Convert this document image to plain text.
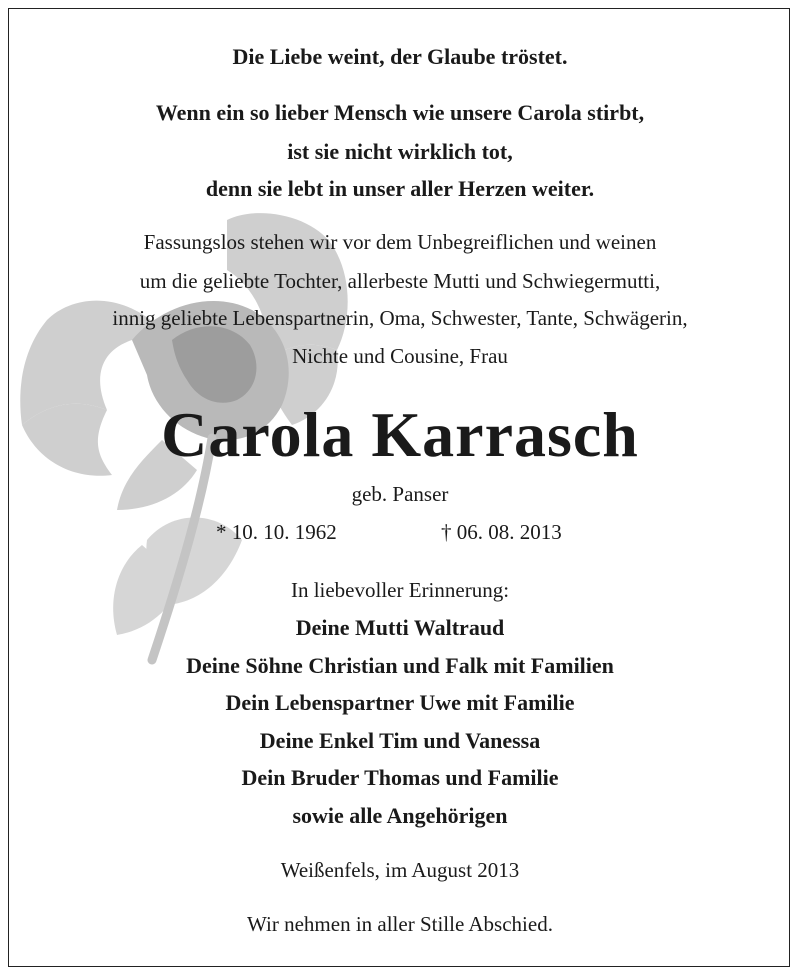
Die Liebe weint, der Glaube tröstet.
Wenn ein so lieber Mensch wie unsere Carola stirbt,
ist sie nicht wirklich tot,
denn sie lebt in unser aller Herzen weiter.
Fassungslos stehen wir vor dem Unbegreiflichen und weinen
um die geliebte Tochter, allerbeste Mutti und Schwiegermutti,
innig geliebte Lebenspartnerin, Oma, Schwester, Tante, Schwägerin,
Nichte und Cousine, Frau
Carola Karrasch
geb. Panser
* 10. 10. 1962	† 06. 08. 2013
In liebevoller Erinnerung:
Deine Mutti Waltraud
Deine Söhne Christian und Falk mit Familien
Dein Lebenspartner Uwe mit Familie
Deine Enkel Tim und Vanessa
Dein Bruder Thomas und Familie
sowie alle Angehörigen
Weißenfels, im August 2013
Wir nehmen in aller Stille Abschied.
